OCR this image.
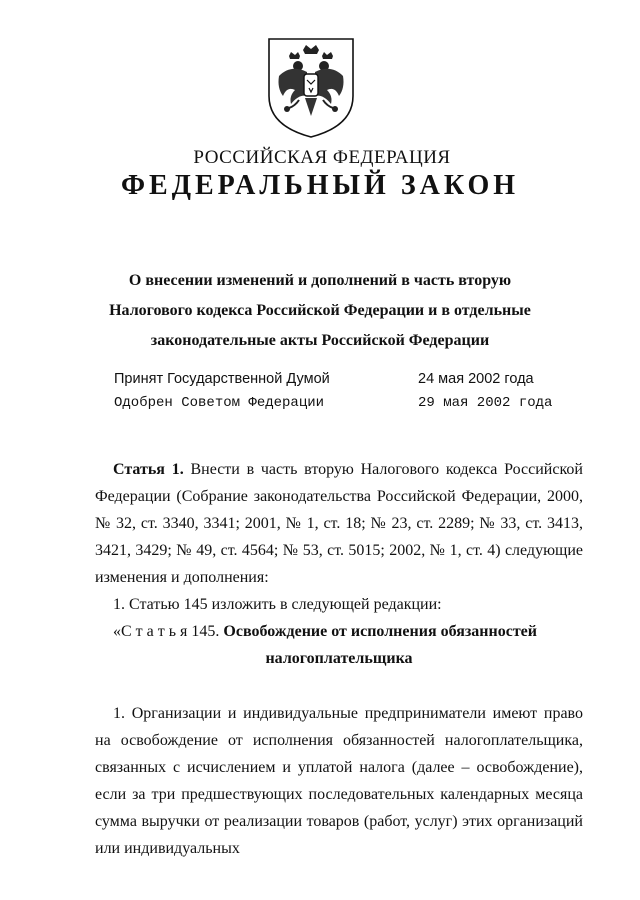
РОССИЙСКАЯ ФЕДЕРАЦИЯ
ФЕДЕРАЛЬНЫЙ ЗАКОН
О внесении изменений и дополнений в часть вторую
Налогового кодекса Российской Федерации и в отдельные
законодательные акты Российской Федерации
Принят Государственной Думой	24 мая 2002 года
Одобрен Советом Федерации	29 мая 2002 года

Статья 1. Внести в часть вторую Налогового кодекса Российской Федерации (Собрание законодательства Российской Федерации, 2000, № 32, ст. 3340, 3341; 2001, № 1, ст. 18; № 23, ст. 2289; № 33, ст. 3413, 3421, 3429; № 49, ст. 4564; № 53, ст. 5015; 2002, № 1, ст. 4) следующие изменения и дополнения:

1. Статью 145 изложить в следующей редакции:

«С т а т ь я 145. Освобождение от исполнения обязанностей

налогоплательщика

1. Организации и индивидуальные предприниматели имеют право на освобождение от исполнения обязанностей налогоплательщика, связанных с исчислением и уплатой налога (далее – освобождение), если за три предшествующих последовательных календарных месяца сумма выручки от реализации товаров (работ, услуг) этих организаций или индивидуальных
